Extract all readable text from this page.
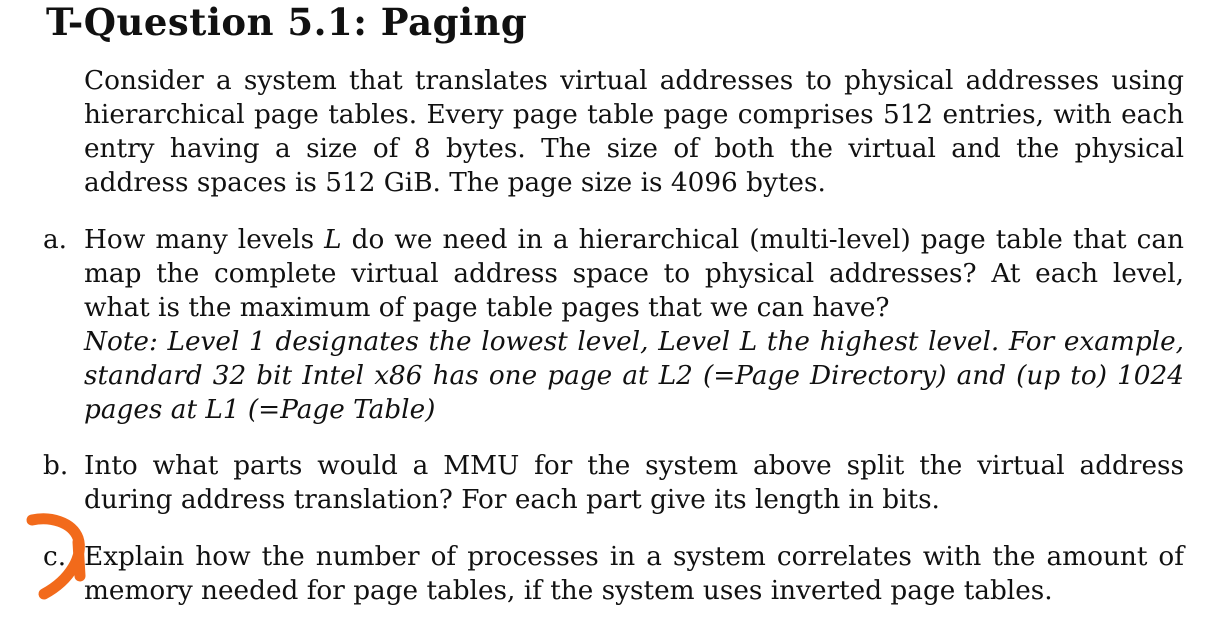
T-Question 5.1: Paging
Consider a system that translates virtual addresses to physical addresses using hierarchical page tables. Every page table page comprises 512 entries, with each entry having a size of 8 bytes. The size of both the virtual and the physical address spaces is 512 GiB. The page size is 4096 bytes.
a. How many levels L do we need in a hierarchical (multi-level) page table that can map the complete virtual address space to physical addresses? At each level, what is the maximum of page table pages that we can have?
Note: Level 1 designates the lowest level, Level L the highest level. For example, standard 32 bit Intel x86 has one page at L2 (=Page Directory) and (up to) 1024 pages at L1 (=Page Table)
b. Into what parts would a MMU for the system above split the virtual address during address translation? For each part give its length in bits.
c. Explain how the number of processes in a system correlates with the amount of memory needed for page tables, if the system uses inverted page tables.
